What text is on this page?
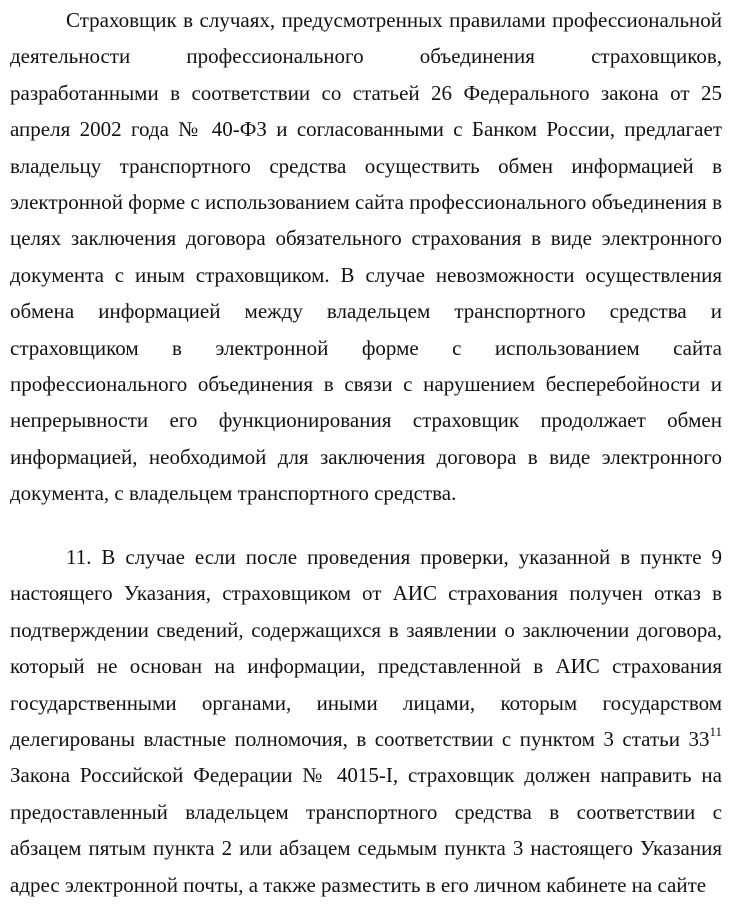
Страховщик в случаях, предусмотренных правилами профессиональной деятельности профессионального объединения страховщиков, разработанными в соответствии со статьей 26 Федерального закона от 25 апреля 2002 года № 40-ФЗ и согласованными с Банком России, предлагает владельцу транспортного средства осуществить обмен информацией в электронной форме с использованием сайта профессионального объединения в целях заключения договора обязательного страхования в виде электронного документа с иным страховщиком. В случае невозможности осуществления обмена информацией между владельцем транспортного средства и страховщиком в электронной форме с использованием сайта профессионального объединения в связи с нарушением бесперебойности и непрерывности его функционирования страховщик продолжает обмен информацией, необходимой для заключения договора в виде электронного документа, с владельцем транспортного средства.

11. В случае если после проведения проверки, указанной в пункте 9 настоящего Указания, страховщиком от АИС страхования получен отказ в подтверждении сведений, содержащихся в заявлении о заключении договора, который не основан на информации, представленной в АИС страхования государственными органами, иными лицами, которым государством делегированы властные полномочия, в соответствии с пунктом 3 статьи $33^{11}$ Закона Российской Федерации № 4015-I, страховщик должен направить на предоставленный владельцем транспортного средства в соответствии с абзацем пятым пункта 2 или абзацем седьмым пункта 3 настоящего Указания адрес электронной почты, а также разместить в его личном кабинете на сайте
